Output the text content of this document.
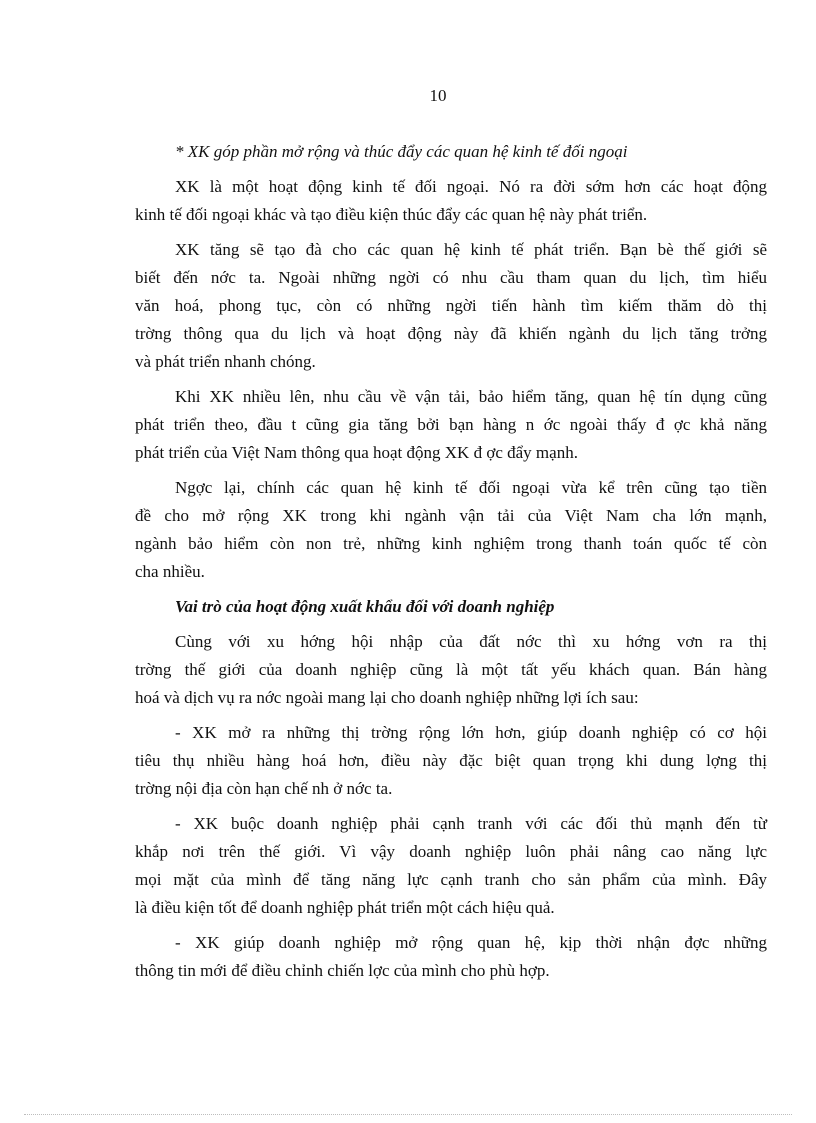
10
* XK góp phần mở rộng và thúc đẩy các quan hệ kinh tế đối ngoại
XK là một hoạt động kinh tế đối ngoại. Nó ra đời sớm hơn các hoạt động
kinh tế đối ngoại khác và tạo điều kiện thúc đẩy các quan hệ này phát triển.
XK tăng sẽ tạo đà cho các quan hệ kinh tế phát triển. Bạn bè thế giới sẽ
biết đến nớc ta. Ngoài những ngời có nhu cầu tham quan du lịch, tìm hiểu
văn hoá, phong tục, còn có những ngời tiến hành tìm kiếm thăm dò thị
trờng thông qua du lịch và hoạt động này đã khiến ngành du lịch tăng trởng
và phát triển nhanh chóng.
Khi XK nhiều lên, nhu cầu về vận tải, bảo hiểm tăng, quan hệ tín dụng cũng
phát triển theo, đầu t cũng gia tăng bởi bạn hàng n ớc ngoài thấy đ ợc khả năng
phát triển của Việt Nam thông qua hoạt động XK đ ợc đẩy mạnh.
Ngợc lại, chính các quan hệ kinh tế đối ngoại vừa kể trên cũng tạo tiền
đề cho mở rộng XK trong khi ngành vận tải của Việt Nam cha lớn mạnh,
ngành bảo hiểm còn non trẻ, những kinh nghiệm trong thanh toán quốc tế còn
cha nhiều.
Vai trò của hoạt động xuất khẩu đối với doanh nghiệp
Cùng với xu hớng hội nhập của đất nớc thì xu hớng vơn ra thị
trờng thế giới của doanh nghiệp cũng là một tất yếu khách quan. Bán hàng
hoá và dịch vụ ra nớc ngoài mang lại cho doanh nghiệp những lợi ích sau:
- XK mở ra những thị trờng rộng lớn hơn, giúp doanh nghiệp có cơ hội
tiêu thụ nhiều hàng hoá hơn, điều này đặc biệt quan trọng khi dung lợng thị
trờng nội địa còn hạn chế nh ở nớc ta.
- XK buộc doanh nghiệp phải cạnh tranh với các đối thủ mạnh đến từ
khắp nơi trên thế giới. Vì vậy doanh nghiệp luôn phải nâng cao năng lực
mọi mặt của mình để tăng năng lực cạnh tranh cho sản phẩm của mình. Đây
là điều kiện tốt để doanh nghiệp phát triển một cách hiệu quả.
- XK giúp doanh nghiệp mở rộng quan hệ, kịp thời nhận đợc những
thông tin mới để điều chỉnh chiến lợc của mình cho phù hợp.
